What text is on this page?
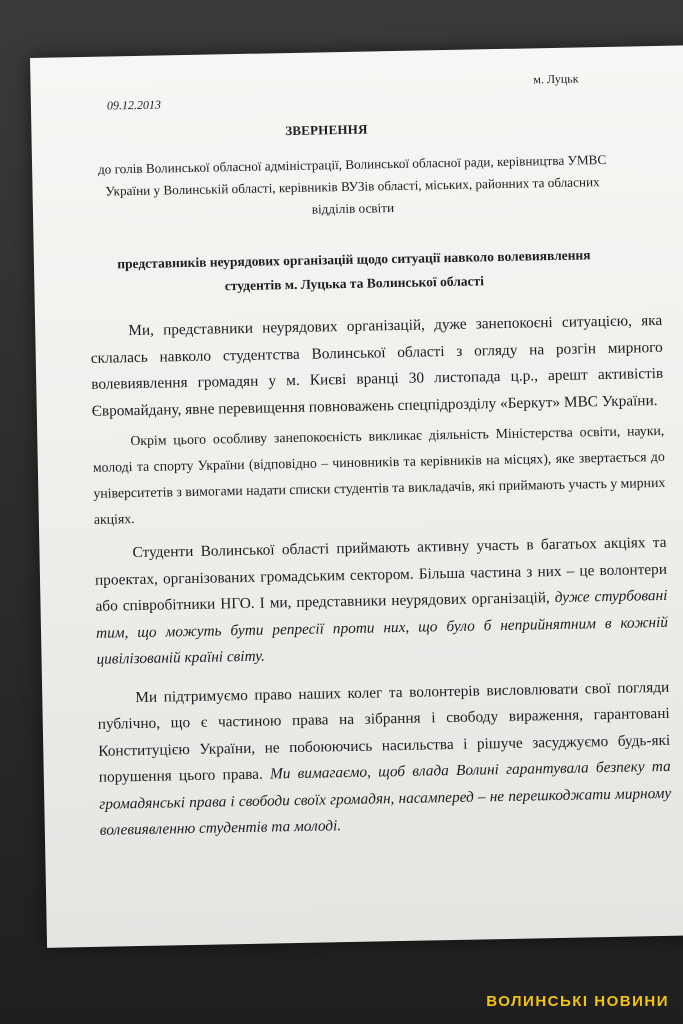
09.12.2013
м. Луцьк
ЗВЕРНЕННЯ
до голів Волинської обласної адміністрації, Волинської обласної ради, керівництва УМВС України у Волинській області, керівників ВУЗів області, міських, районних та обласних відділів освіти
представників неурядових організацій щодо ситуації навколо волевиявлення студентів м. Луцька та Волинської області

Ми, представники неурядових організацій, дуже занепокоєні ситуацією, яка склалась навколо студентства Волинської області з огляду на розгін мирного волевиявлення громадян у м. Києві вранці 30 листопада ц.р., арешт активістів Євромайдану, явне перевищення повноважень спецпідрозділу «Беркут» МВС України.

Окрім цього особливу занепокоєність викликає діяльність Міністерства освіти, науки, молоді та спорту України (відповідно – чиновників та керівників на місцях), яке звертається до університетів з вимогами надати списки студентів та викладачів, які приймають участь у мирних акціях.

Студенти Волинської області приймають активну участь в багатьох акціях та проектах, організованих громадським сектором. Більша частина з них – це волонтери або співробітники НГО. І ми, представники неурядових організацій, дуже стурбовані тим, що можуть бути репресії проти них, що було б неприйнятним в кожній цивілізованій країні світу.

Ми підтримуємо право наших колег та волонтерів висловлювати свої погляди публічно, що є частиною права на зібрання і свободу вираження, гарантовані Конституцією України, не побоюючись насильства і рішуче засуджуємо будь-які порушення цього права. Ми вимагаємо, щоб влада Волині гарантувала безпеку та громадянські права і свободи своїх громадян, насамперед – не перешкоджати мирному волевиявленню студентів та молоді.

ВОЛИНСЬКІ НОВИНИ
